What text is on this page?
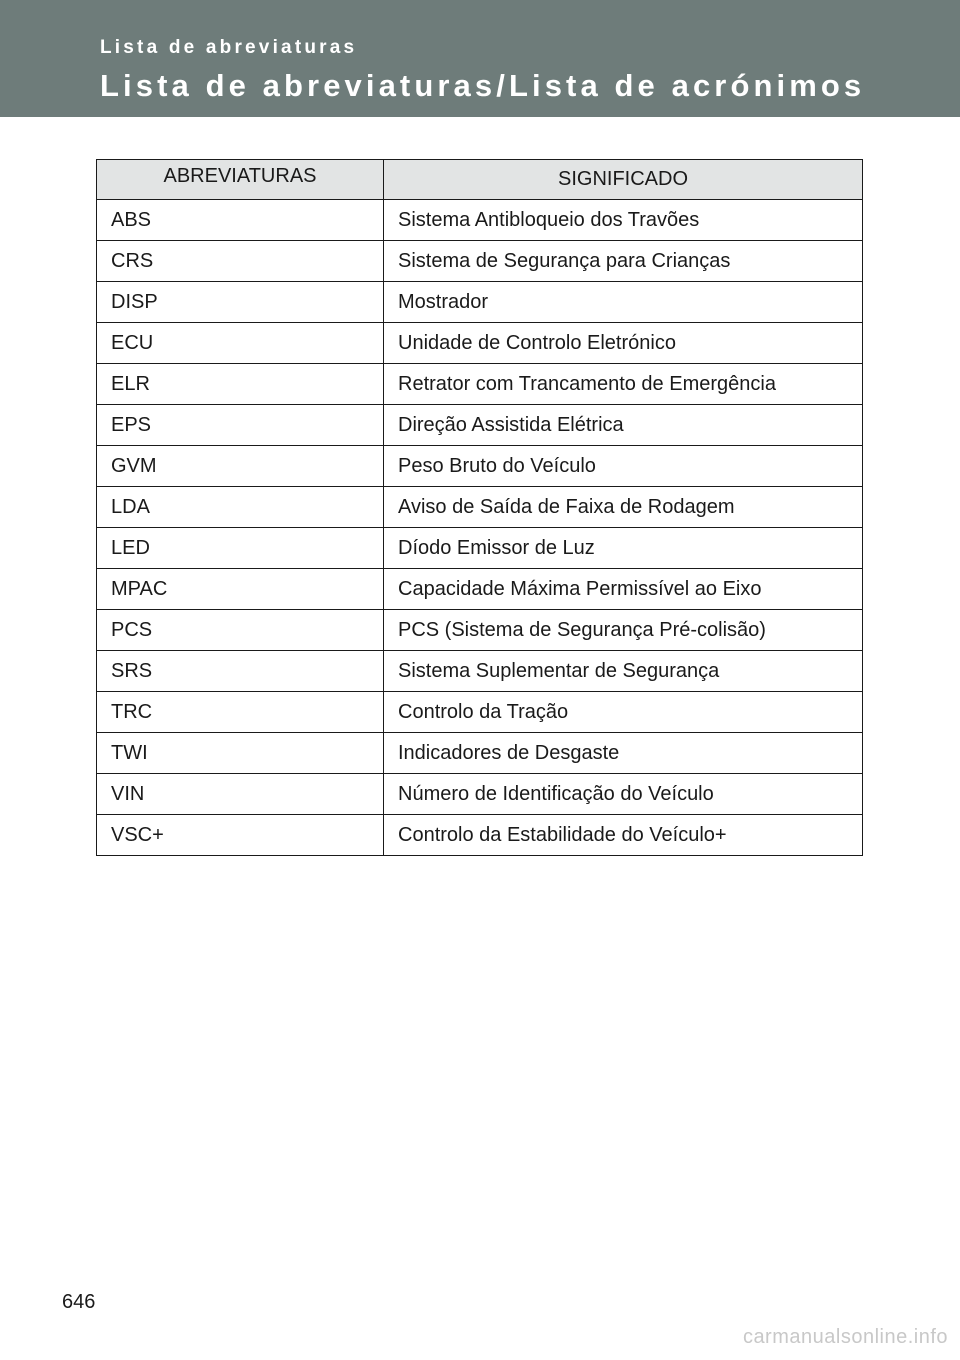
Lista de abreviaturas
Lista de abreviaturas/Lista de acrónimos
ABREVIATURAS	SIGNIFICADO
ABS	Sistema Antibloqueio dos Travões
CRS	Sistema de Segurança para Crianças
DISP	Mostrador
ECU	Unidade de Controlo Eletrónico
ELR	Retrator com Trancamento de Emergência
EPS	Direção Assistida Elétrica
GVM	Peso Bruto do Veículo
LDA	Aviso de Saída de Faixa de Rodagem
LED	Díodo Emissor de Luz
MPAC	Capacidade Máxima Permissível ao Eixo
PCS	PCS (Sistema de Segurança Pré-colisão)
SRS	Sistema Suplementar de Segurança
TRC	Controlo da Tração
TWI	Indicadores de Desgaste
VIN	Número de Identificação do Veículo
VSC+	Controlo da Estabilidade do Veículo+
646
carmanualsonline.info
